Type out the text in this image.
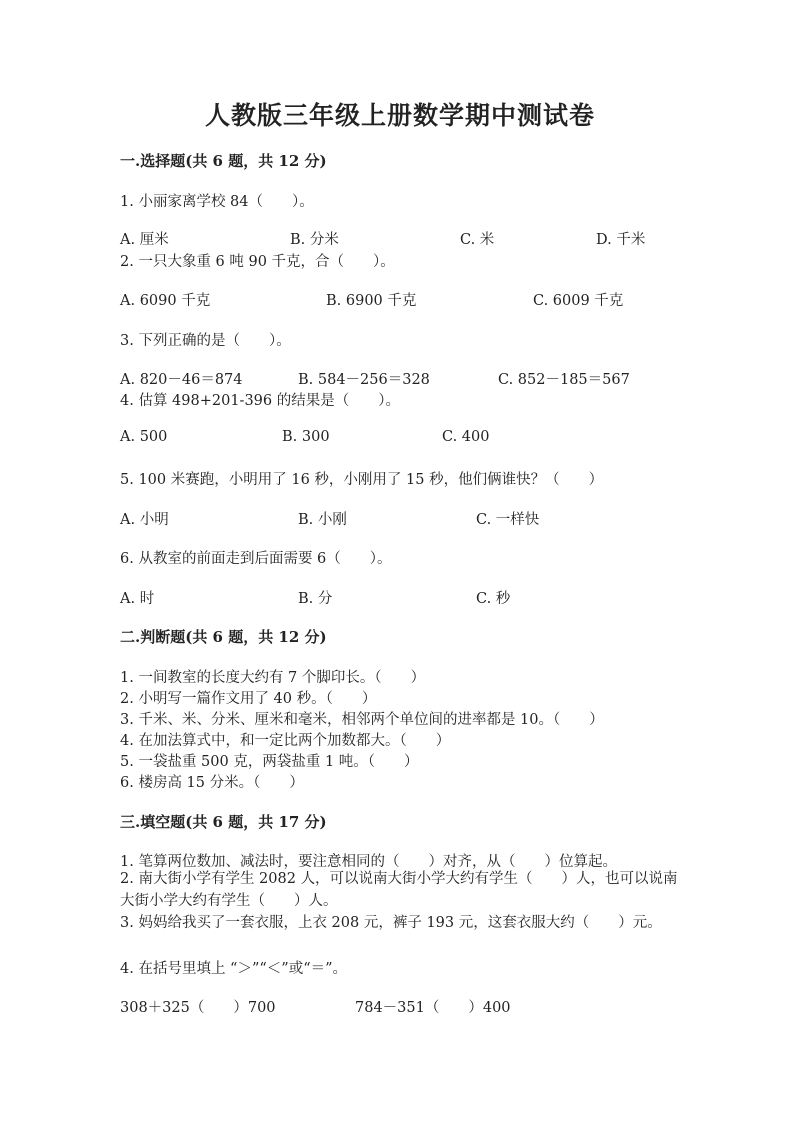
人教版三年级上册数学期中测试卷
一.选择题(共 6 题，共 12 分)
1. 小丽家离学校 84（　　）。
A. 厘米	B. 分米	C. 米	D. 千米
2. 一只大象重 6 吨 90 千克，合（　　）。
A. 6090 千克	B. 6900 千克	C. 6009 千克
3. 下列正确的是（　　）。
A. 820－46＝874	B. 584－256＝328	C. 852－185＝567
4. 估算 498+201-396 的结果是（　　）。
A. 500	B. 300	C. 400
5. 100 米赛跑，小明用了 16 秒，小刚用了 15 秒，他们俩谁快？（　　）
A. 小明	B. 小刚	C. 一样快
6. 从教室的前面走到后面需要 6（　　）。
A. 时	B. 分	C. 秒
二.判断题(共 6 题，共 12 分)
1. 一间教室的长度大约有 7 个脚印长。（　　）
2. 小明写一篇作文用了 40 秒。（　　）
3. 千米、米、分米、厘米和毫米，相邻两个单位间的进率都是 10。（　　）
4. 在加法算式中，和一定比两个加数都大。（　　）
5. 一袋盐重 500 克，两袋盐重 1 吨。（　　）
6. 楼房高 15 分米。（　　）
三.填空题(共 6 题，共 17 分)
1. 笔算两位数加、减法时，要注意相同的（　　）对齐，从（　　）位算起。
2. 南大街小学有学生 2082 人，可以说南大街小学大约有学生（　　）人，也可以说南大街小学大约有学生（　　）人。
3. 妈妈给我买了一套衣服，上衣 208 元，裤子 193 元，这套衣服大约（　　）元。
4. 在括号里填上 “＞”“＜”或“＝”。
308＋325（　　）700	784－351（　　）400
